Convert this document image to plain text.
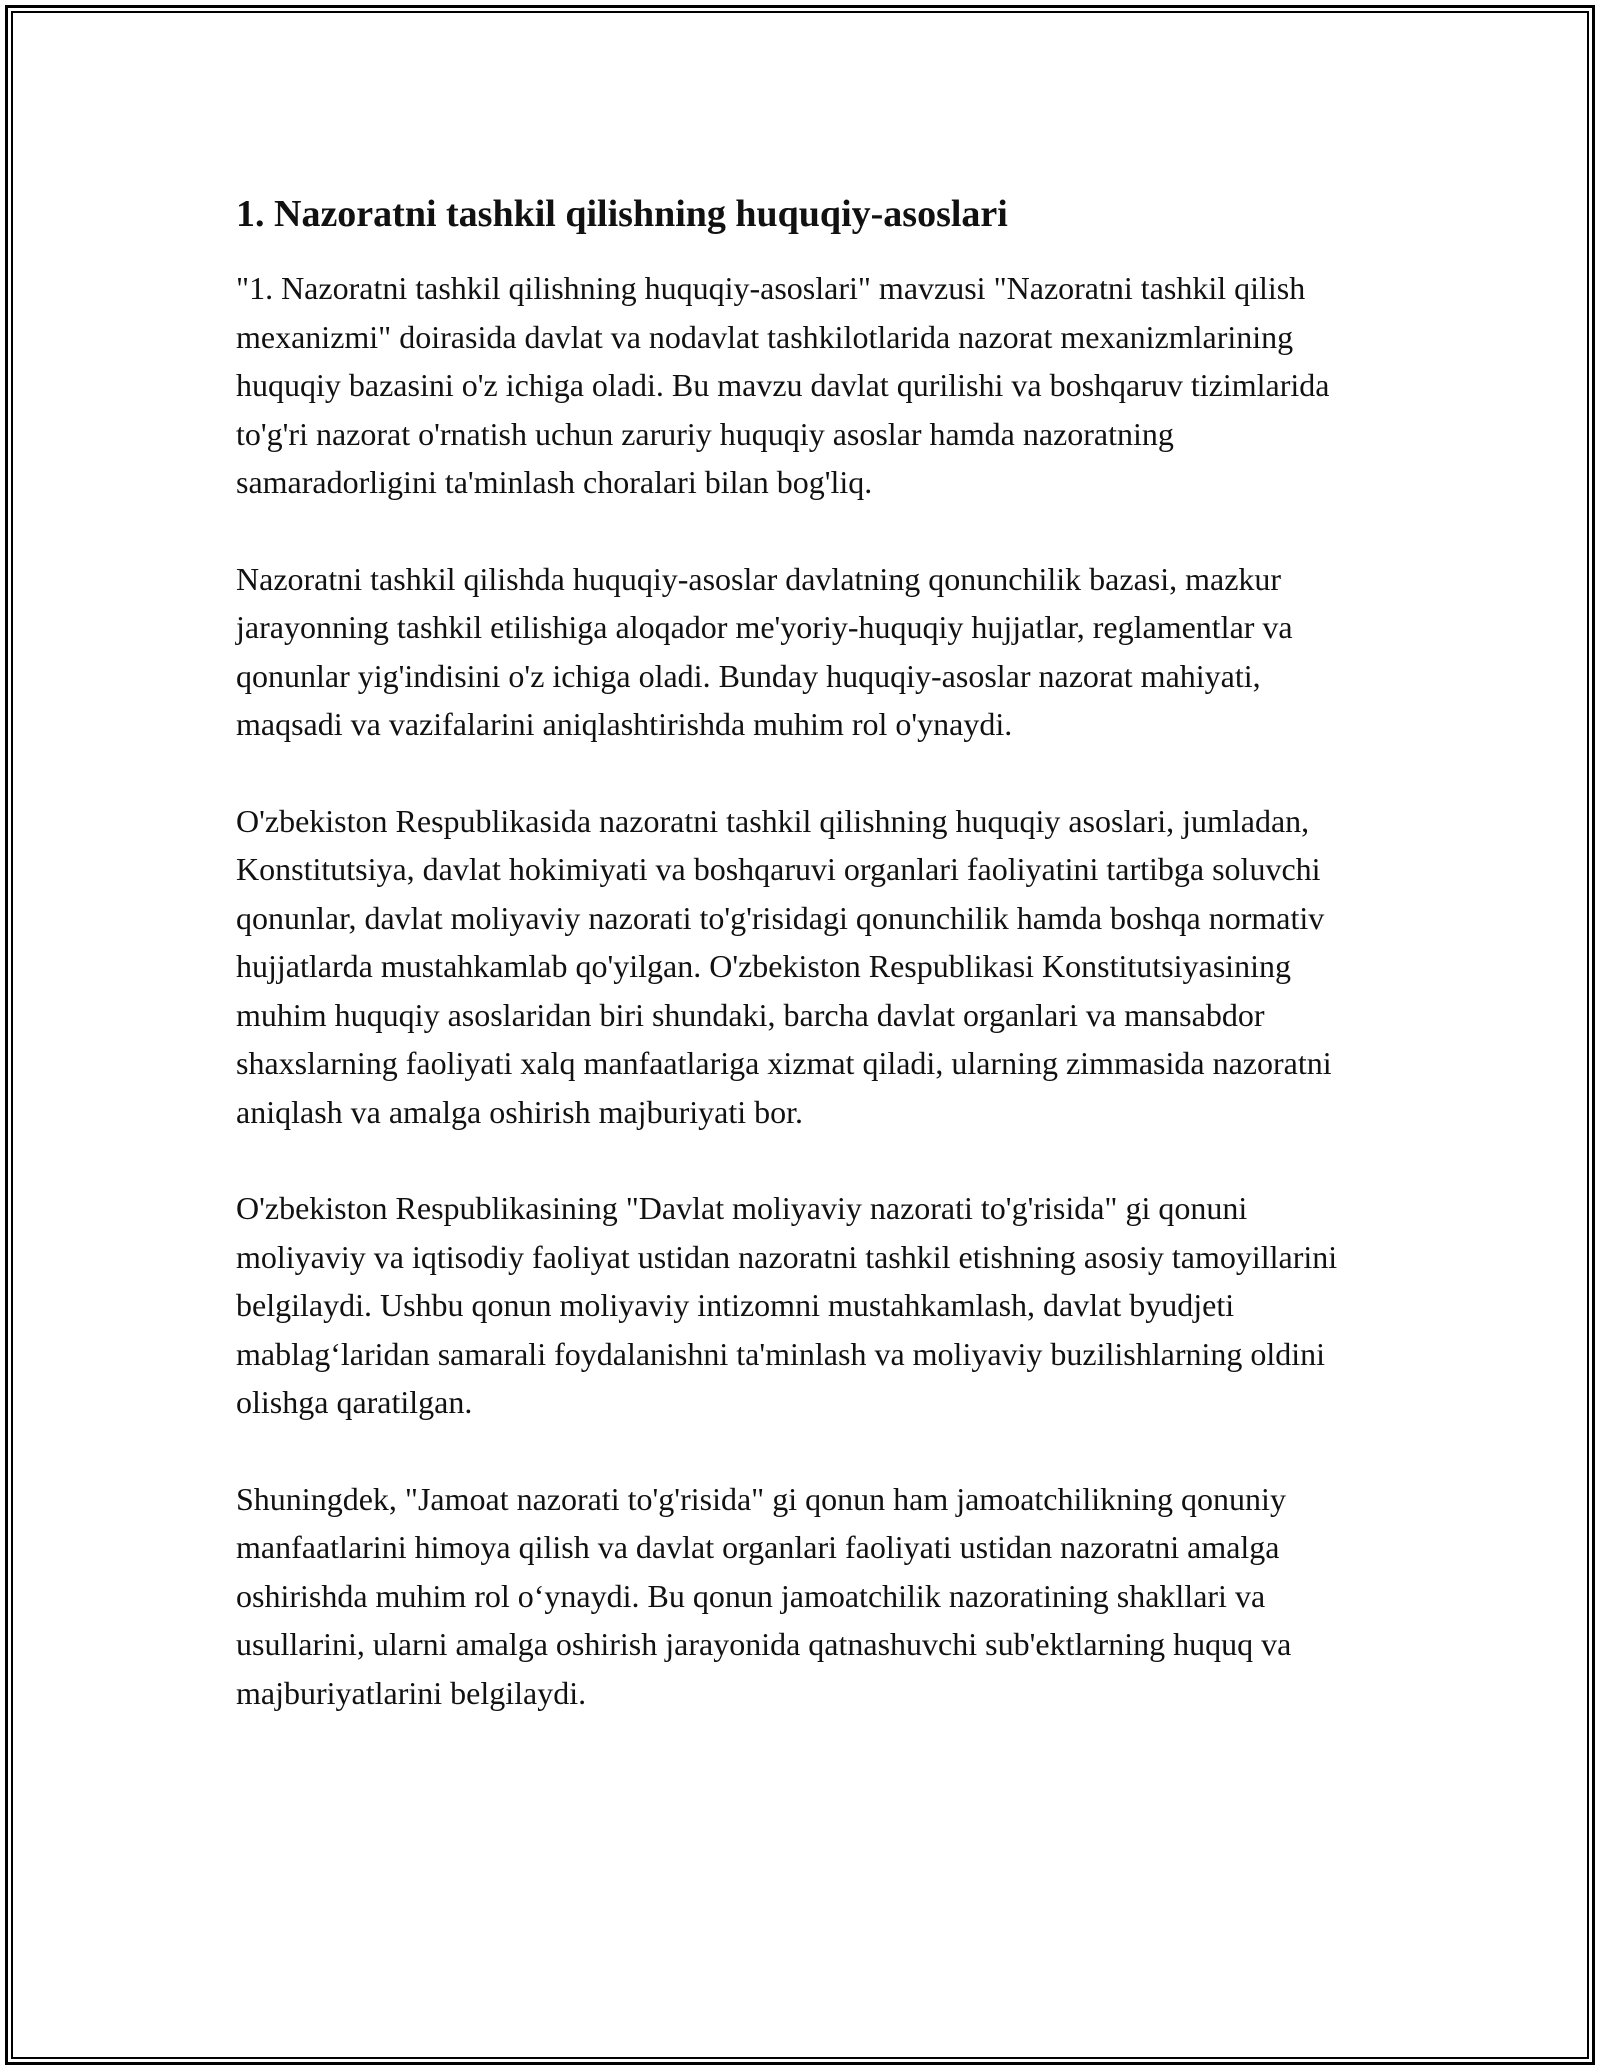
1. Nazoratni tashkil qilishning huquqiy-asoslari

"1. Nazoratni tashkil qilishning huquqiy-asoslari" mavzusi "Nazoratni tashkil qilish mexanizmi" doirasida davlat va nodavlat tashkilotlarida nazorat mexanizmlarining huquqiy bazasini o'z ichiga oladi. Bu mavzu davlat qurilishi va boshqaruv tizimlarida to'g'ri nazorat o'rnatish uchun zaruriy huquqiy asoslar hamda nazoratning samaradorligini ta'minlash choralari bilan bog'liq.

Nazoratni tashkil qilishda huquqiy-asoslar davlatning qonunchilik bazasi, mazkur jarayonning tashkil etilishiga aloqador me'yoriy-huquqiy hujjatlar, reglamentlar va qonunlar yig'indisini o'z ichiga oladi. Bunday huquqiy-asoslar nazorat mahiyati, maqsadi va vazifalarini aniqlashtirishda muhim rol o'ynaydi.

O'zbekiston Respublikasida nazoratni tashkil qilishning huquqiy asoslari, jumladan, Konstitutsiya, davlat hokimiyati va boshqaruvi organlari faoliyatini tartibga soluvchi qonunlar, davlat moliyaviy nazorati to'g'risidagi qonunchilik hamda boshqa normativ hujjatlarda mustahkamlab qo'yilgan. O'zbekiston Respublikasi Konstitutsiyasining muhim huquqiy asoslaridan biri shundaki, barcha davlat organlari va mansabdor shaxslarning faoliyati xalq manfaatlariga xizmat qiladi, ularning zimmasida nazoratni aniqlash va amalga oshirish majburiyati bor.

O'zbekiston Respublikasining "Davlat moliyaviy nazorati to'g'risida" gi qonuni moliyaviy va iqtisodiy faoliyat ustidan nazoratni tashkil etishning asosiy tamoyillarini belgilaydi. Ushbu qonun moliyaviy intizomni mustahkamlash, davlat byudjeti mablag‘laridan samarali foydalanishni ta'minlash va moliyaviy buzilishlarning oldini olishga qaratilgan.

Shuningdek, "Jamoat nazorati to'g'risida" gi qonun ham jamoatchilikning qonuniy manfaatlarini himoya qilish va davlat organlari faoliyati ustidan nazoratni amalga oshirishda muhim rol o‘ynaydi. Bu qonun jamoatchilik nazoratining shakllari va usullarini, ularni amalga oshirish jarayonida qatnashuvchi sub'ektlarning huquq va majburiyatlarini belgilaydi.
